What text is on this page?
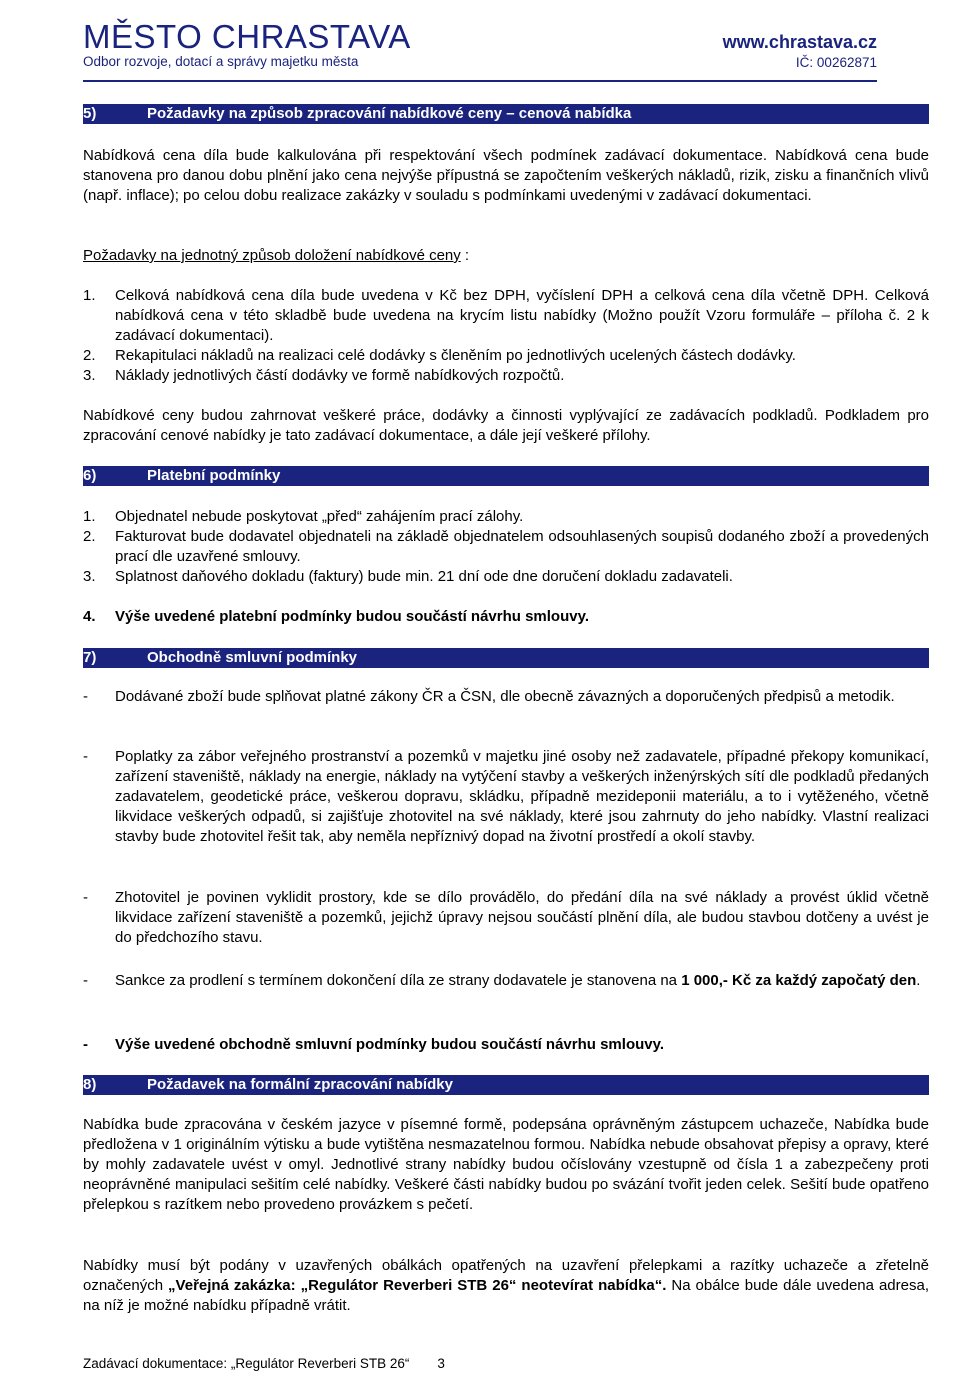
MĚSTO CHRASTAVA
Odbor rozvoje, dotací a správy majetku města
www.chrastava.cz
IČ: 00262871
5)	Požadavky na způsob zpracování nabídkové ceny – cenová nabídka
Nabídková cena díla bude kalkulována při respektování všech podmínek zadávací dokumentace. Nabídková cena bude stanovena pro danou dobu plnění jako cena nejvýše přípustná se započtením veškerých nákladů, rizik, zisku a finančních vlivů (např. inflace); po celou dobu realizace zakázky v souladu s podmínkami uvedenými v zadávací dokumentaci.
Požadavky na jednotný způsob doložení nabídkové ceny :
1. Celková nabídková cena díla bude uvedena v Kč bez DPH, vyčíslení DPH a celková cena díla včetně DPH. Celková nabídková cena v této skladbě bude uvedena na krycím listu nabídky (Možno použít Vzoru formuláře – příloha č. 2 k zadávací dokumentaci).
2. Rekapitulaci nákladů na realizaci celé dodávky s členěním po jednotlivých ucelených částech dodávky.
3. Náklady jednotlivých částí dodávky ve formě nabídkových rozpočtů.
Nabídkové ceny budou zahrnovat veškeré práce, dodávky a činnosti vyplývající ze zadávacích podkladů. Podkladem pro zpracování cenové nabídky je tato zadávací dokumentace, a dále její veškeré přílohy.
6)	Platební podmínky
1. Objednatel nebude poskytovat „před“ zahájením prací zálohy.
2. Fakturovat bude dodavatel objednateli na základě objednatelem odsouhlasených soupisů dodaného zboží a provedených prací dle uzavřené smlouvy.
3. Splatnost daňového dokladu (faktury) bude min. 21 dní ode dne doručení dokladu zadavateli.
4. Výše uvedené platební podmínky budou součástí návrhu smlouvy.
7)	Obchodně smluvní podmínky
- Dodávané zboží bude splňovat platné zákony ČR a ČSN, dle obecně závazných a doporučených předpisů a metodik.
- Poplatky za zábor veřejného prostranství a pozemků v majetku jiné osoby než zadavatele, případné překopy komunikací, zařízení staveniště, náklady na energie, náklady na vytýčení stavby a veškerých inženýrských sítí dle podkladů předaných zadavatelem, geodetické práce, veškerou dopravu, skládku, případně mezideponii materiálu, a to i vytěženého, včetně likvidace veškerých odpadů, si zajišťuje zhotovitel na své náklady, které jsou zahrnuty do jeho nabídky. Vlastní realizaci stavby bude zhotovitel řešit tak, aby neměla nepříznivý dopad na životní prostředí a okolí stavby.
- Zhotovitel je povinen vyklidit prostory, kde se dílo provádělo, do předání díla na své náklady a provést úklid včetně likvidace zařízení staveniště a pozemků, jejichž úpravy nejsou součástí plnění díla, ale budou stavbou dotčeny a uvést je do předchozího stavu.
- Sankce za prodlení s termínem dokončení díla ze strany dodavatele je stanovena na 1 000,- Kč za každý započatý den.
- Výše uvedené obchodně smluvní podmínky budou součástí návrhu smlouvy.
8)	Požadavek na formální zpracování nabídky
Nabídka bude zpracována v českém jazyce v písemné formě, podepsána oprávněným zástupcem uchazeče, Nabídka bude předložena v 1 originálním výtisku a bude vytištěna nesmazatelnou formou. Nabídka nebude obsahovat přepisy a opravy, které by mohly zadavatele uvést v omyl. Jednotlivé strany nabídky budou očíslovány vzestupně od čísla 1 a zabezpečeny proti neoprávněné manipulaci sešitím celé nabídky. Veškeré části nabídky budou po svázání tvořit jeden celek. Sešití bude opatřeno přelepkou s razítkem nebo provedeno provázkem s pečetí.
Nabídky musí být podány v uzavřených obálkách opatřených na uzavření přelepkami a razítky uchazeče a zřetelně označených „Veřejná zakázka: „Regulátor Reverberi STB 26“ neotevírat nabídka“. Na obálce bude dále uvedena adresa, na níž je možné nabídku případně vrátit.
Zadávací dokumentace: „Regulátor Reverberi STB 26“ 3
